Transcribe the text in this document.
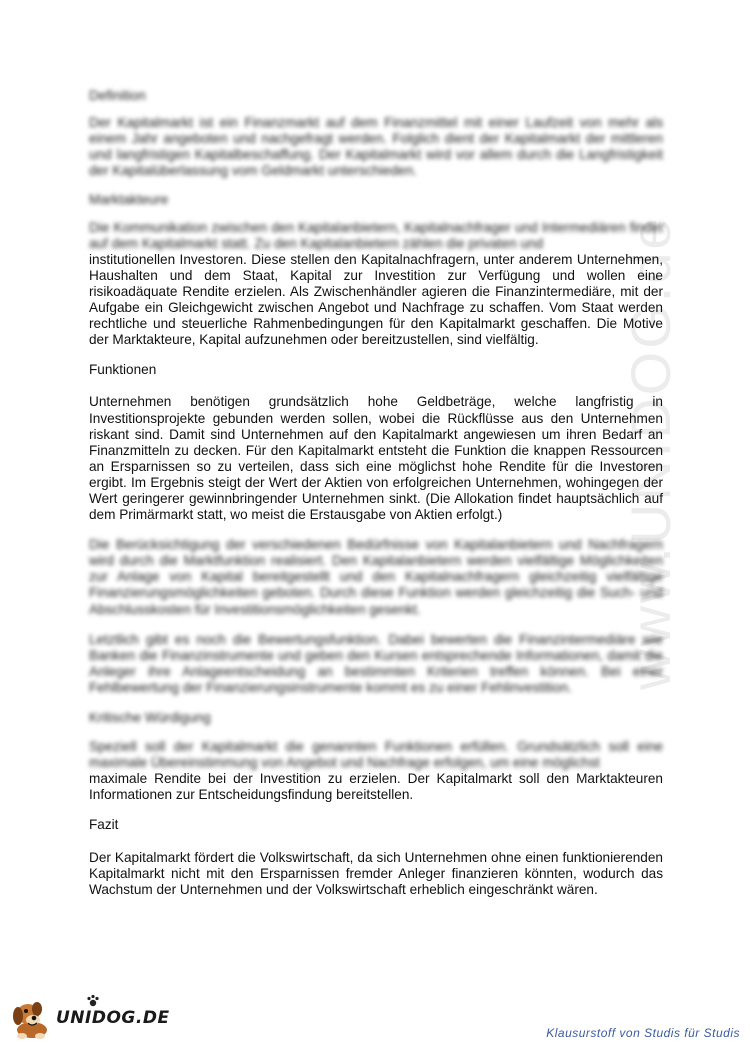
www.UNIDOG.de
Definition

Der Kapitalmarkt ist ein Finanzmarkt auf dem Finanzmittel mit einer Laufzeit von mehr als einem Jahr angeboten und nachgefragt werden. Folglich dient der Kapitalmarkt der mittleren und langfristigen Kapitalbeschaffung. Der Kapitalmarkt wird vor allem durch die Langfristigkeit der Kapitalüberlassung vom Geldmarkt unterschieden.

Marktakteure

Die Kommunikation zwischen den Kapitalanbietern, Kapitalnachfrager und Intermediären findet auf dem Kapitalmarkt statt. Zu den Kapitalanbietern zählen die privaten und
institutionellen Investoren. Diese stellen den Kapitalnachfragern, unter anderem Unternehmen, Haushalten und dem Staat, Kapital zur Investition zur Verfügung und wollen eine risikoadäquate Rendite erzielen. Als Zwischenhändler agieren die Finanzintermediäre, mit der Aufgabe ein Gleichgewicht zwischen Angebot und Nachfrage zu schaffen. Vom Staat werden rechtliche und steuerliche Rahmenbedingungen für den Kapitalmarkt geschaffen. Die Motive der Marktakteure, Kapital aufzunehmen oder bereitzustellen, sind vielfältig.

Funktionen

Unternehmen benötigen grundsätzlich hohe Geldbeträge, welche langfristig in Investitionsprojekte gebunden werden sollen, wobei die Rückflüsse aus den Unternehmen riskant sind. Damit sind Unternehmen auf den Kapitalmarkt angewiesen um ihren Bedarf an Finanzmitteln zu decken. Für den Kapitalmarkt entsteht die Funktion die knappen Ressourcen an Ersparnissen so zu verteilen, dass sich eine möglichst hohe Rendite für die Investoren ergibt. Im Ergebnis steigt der Wert der Aktien von erfolgreichen Unternehmen, wohingegen der Wert geringerer gewinnbringender Unternehmen sinkt. (Die Allokation findet hauptsächlich auf dem Primärmarkt statt, wo meist die Erstausgabe von Aktien erfolgt.)

Die Berücksichtigung der verschiedenen Bedürfnisse von Kapitalanbietern und Nachfragern wird durch die Marktfunktion realisiert. Den Kapitalanbietern werden vielfältige Möglichkeiten zur Anlage von Kapital bereitgestellt und den Kapitalnachfragern gleichzeitig vielfältige Finanzierungsmöglichkeiten geboten. Durch diese Funktion werden gleichzeitig die Such- und Abschlusskosten für Investitionsmöglichkeiten gesenkt.

Letztlich gibt es noch die Bewertungsfunktion. Dabei bewerten die Finanzintermediäre wie Banken die Finanzinstrumente und geben den Kursen entsprechende Informationen, damit die Anleger ihre Anlageentscheidung an bestimmten Kriterien treffen können. Bei einer Fehlbewertung der Finanzierungsinstrumente kommt es zu einer Fehlinvestition.

Kritische Würdigung

Speziell soll der Kapitalmarkt die genannten Funktionen erfüllen. Grundsätzlich soll eine maximale Übereinstimmung von Angebot und Nachfrage erfolgen, um eine möglichst
maximale Rendite bei der Investition zu erzielen. Der Kapitalmarkt soll den Marktakteuren Informationen zur Entscheidungsfindung bereitstellen.

Fazit

Der Kapitalmarkt fördert die Volkswirtschaft, da sich Unternehmen ohne einen funktionierenden Kapitalmarkt nicht mit den Ersparnissen fremder Anleger finanzieren könnten, wodurch das Wachstum der Unternehmen und der Volkswirtschaft erheblich eingeschränkt wären.

UNIDOG.DE
Klausurstoff von Studis für Studis
